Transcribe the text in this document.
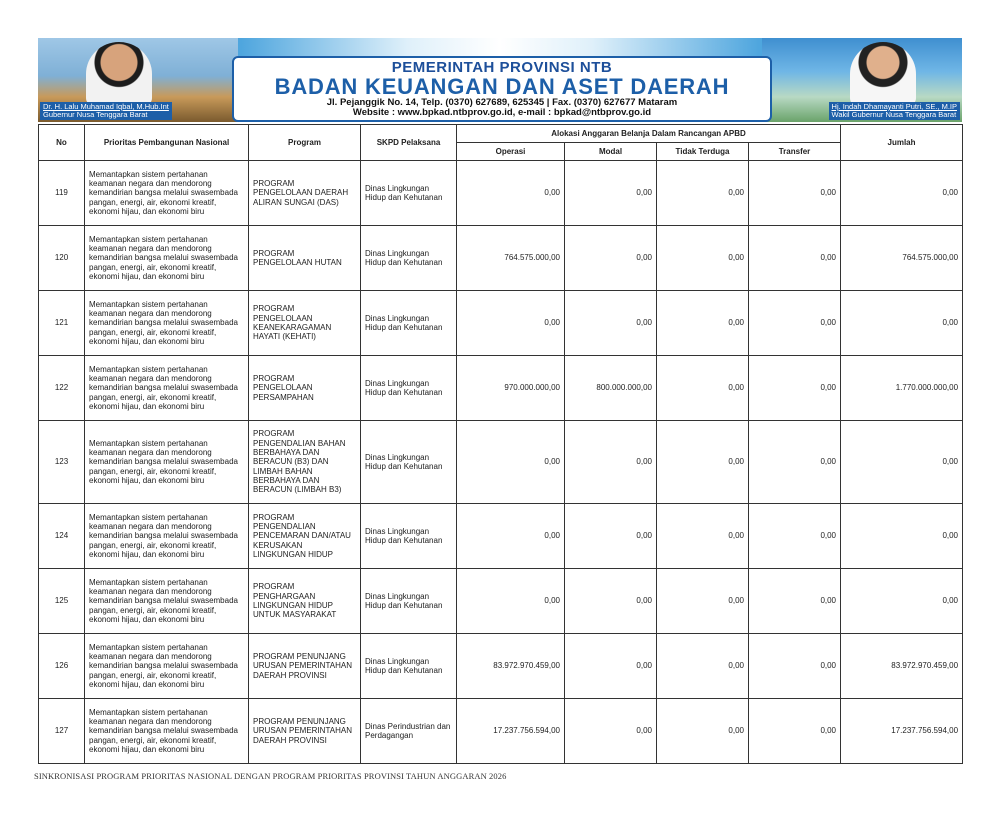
Dr. H. Lalu Muhamad Iqbal, M.Hub.Int
Gubernur Nusa Tenggara Barat
Hj. Indah Dhamayanti Putri, SE., M.IP
Wakil Gubernur Nusa Tenggara Barat
PEMERINTAH PROVINSI NTB
BADAN KEUANGAN DAN ASET DAERAH
Jl. Pejanggik No. 14, Telp. (0370) 627689, 625345 | Fax. (0370) 627677 Mataram
Website : www.bpkad.ntbprov.go.id, e-mail : bpkad@ntbprov.go.id
No	Prioritas Pembangunan Nasional	Program	SKPD Pelaksana	Alokasi Anggaran Belanja Dalam Rancangan APBD				Jumlah
				Operasi	Modal	Tidak Terduga	Transfer	
119	Memantapkan sistem pertahanan keamanan negara dan mendorong kemandirian bangsa melalui swasembada pangan, energi, air, ekonomi kreatif, ekonomi hijau, dan ekonomi biru	PROGRAM PENGELOLAAN DAERAH ALIRAN SUNGAI (DAS)	Dinas Lingkungan Hidup dan Kehutanan	0,00	0,00	0,00	0,00	0,00
120	Memantapkan sistem pertahanan keamanan negara dan mendorong kemandirian bangsa melalui swasembada pangan, energi, air, ekonomi kreatif, ekonomi hijau, dan ekonomi biru	PROGRAM PENGELOLAAN HUTAN	Dinas Lingkungan Hidup dan Kehutanan	764.575.000,00	0,00	0,00	0,00	764.575.000,00
121	Memantapkan sistem pertahanan keamanan negara dan mendorong kemandirian bangsa melalui swasembada pangan, energi, air, ekonomi kreatif, ekonomi hijau, dan ekonomi biru	PROGRAM PENGELOLAAN KEANEKARAGAMAN HAYATI (KEHATI)	Dinas Lingkungan Hidup dan Kehutanan	0,00	0,00	0,00	0,00	0,00
122	Memantapkan sistem pertahanan keamanan negara dan mendorong kemandirian bangsa melalui swasembada pangan, energi, air, ekonomi kreatif, ekonomi hijau, dan ekonomi biru	PROGRAM PENGELOLAAN PERSAMPAHAN	Dinas Lingkungan Hidup dan Kehutanan	970.000.000,00	800.000.000,00	0,00	0,00	1.770.000.000,00
123	Memantapkan sistem pertahanan keamanan negara dan mendorong kemandirian bangsa melalui swasembada pangan, energi, air, ekonomi kreatif, ekonomi hijau, dan ekonomi biru	PROGRAM PENGENDALIAN BAHAN BERBAHAYA DAN BERACUN (B3) DAN LIMBAH BAHAN BERBAHAYA DAN BERACUN (LIMBAH B3)	Dinas Lingkungan Hidup dan Kehutanan	0,00	0,00	0,00	0,00	0,00
124	Memantapkan sistem pertahanan keamanan negara dan mendorong kemandirian bangsa melalui swasembada pangan, energi, air, ekonomi kreatif, ekonomi hijau, dan ekonomi biru	PROGRAM PENGENDALIAN PENCEMARAN DAN/ATAU KERUSAKAN LINGKUNGAN HIDUP	Dinas Lingkungan Hidup dan Kehutanan	0,00	0,00	0,00	0,00	0,00
125	Memantapkan sistem pertahanan keamanan negara dan mendorong kemandirian bangsa melalui swasembada pangan, energi, air, ekonomi kreatif, ekonomi hijau, dan ekonomi biru	PROGRAM PENGHARGAAN LINGKUNGAN HIDUP UNTUK MASYARAKAT	Dinas Lingkungan Hidup dan Kehutanan	0,00	0,00	0,00	0,00	0,00
126	Memantapkan sistem pertahanan keamanan negara dan mendorong kemandirian bangsa melalui swasembada pangan, energi, air, ekonomi kreatif, ekonomi hijau, dan ekonomi biru	PROGRAM PENUNJANG URUSAN PEMERINTAHAN DAERAH PROVINSI	Dinas Lingkungan Hidup dan Kehutanan	83.972.970.459,00	0,00	0,00	0,00	83.972.970.459,00
127	Memantapkan sistem pertahanan keamanan negara dan mendorong kemandirian bangsa melalui swasembada pangan, energi, air, ekonomi kreatif, ekonomi hijau, dan ekonomi biru	PROGRAM PENUNJANG URUSAN PEMERINTAHAN DAERAH PROVINSI	Dinas Perindustrian dan Perdagangan	17.237.756.594,00	0,00	0,00	0,00	17.237.756.594,00
SINKRONISASI PROGRAM PRIORITAS NASIONAL DENGAN PROGRAM PRIORITAS PROVINSI TAHUN ANGGARAN 2026
